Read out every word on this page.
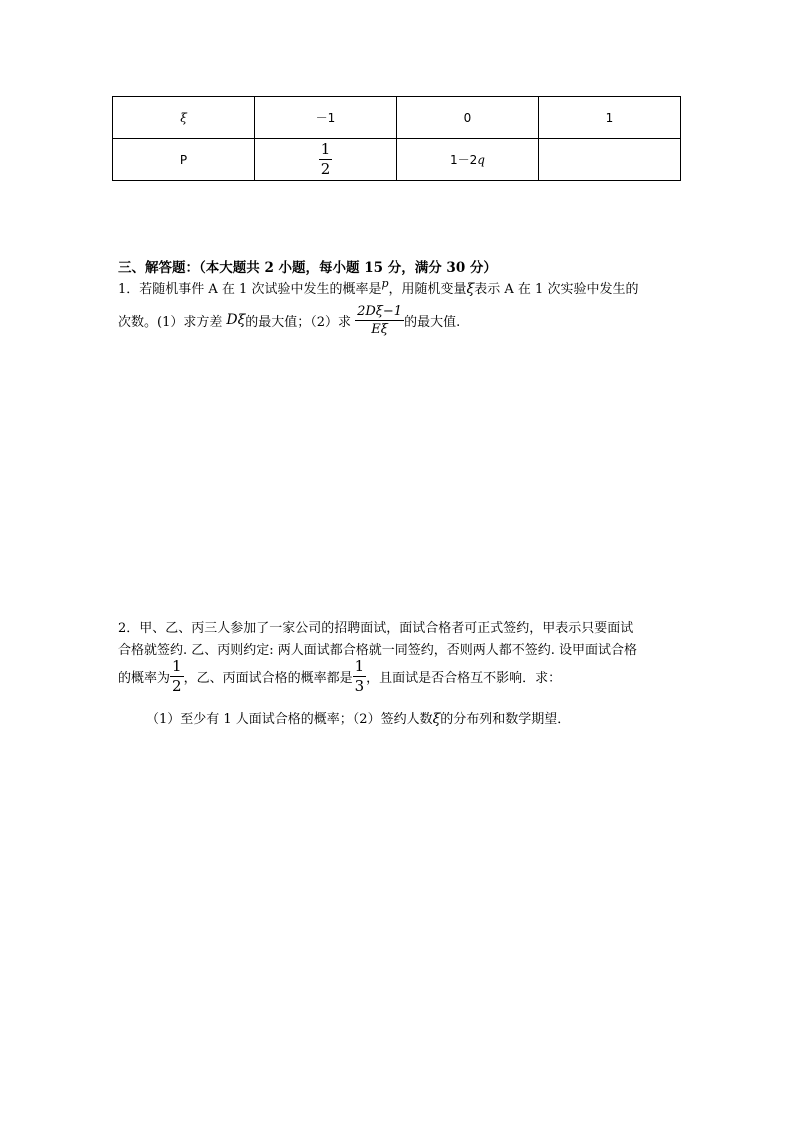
ξ	－1	0	1
P	$\frac{1}{2}$	1－2q	
三、解答题：（本大题共 2 小题，每小题 15 分，满分 30 分）
1．若随机事件 A 在 1 次试验中发生的概率是$^p$，用随机变量ξ表示 A 在 1 次实验中发生的
次数。(1）求方差 Dξ 的最大值；（2）求 $\frac{2D\xi-1}{E\xi}$ 的最大值.
2．甲、乙、丙三人参加了一家公司的招聘面试，面试合格者可正式签约，甲表示只要面试
合格就签约. 乙、丙则约定: 两人面试都合格就一同签约，否则两人都不签约. 设甲面试合格
的概率为 $\frac{1}{2}$ ，乙、丙面试合格的概率都是 $\frac{1}{3}$ ，且面试是否合格互不影响．求：
（1）至少有 1 人面试合格的概率；（2）签约人数ξ的分布列和数学期望．
